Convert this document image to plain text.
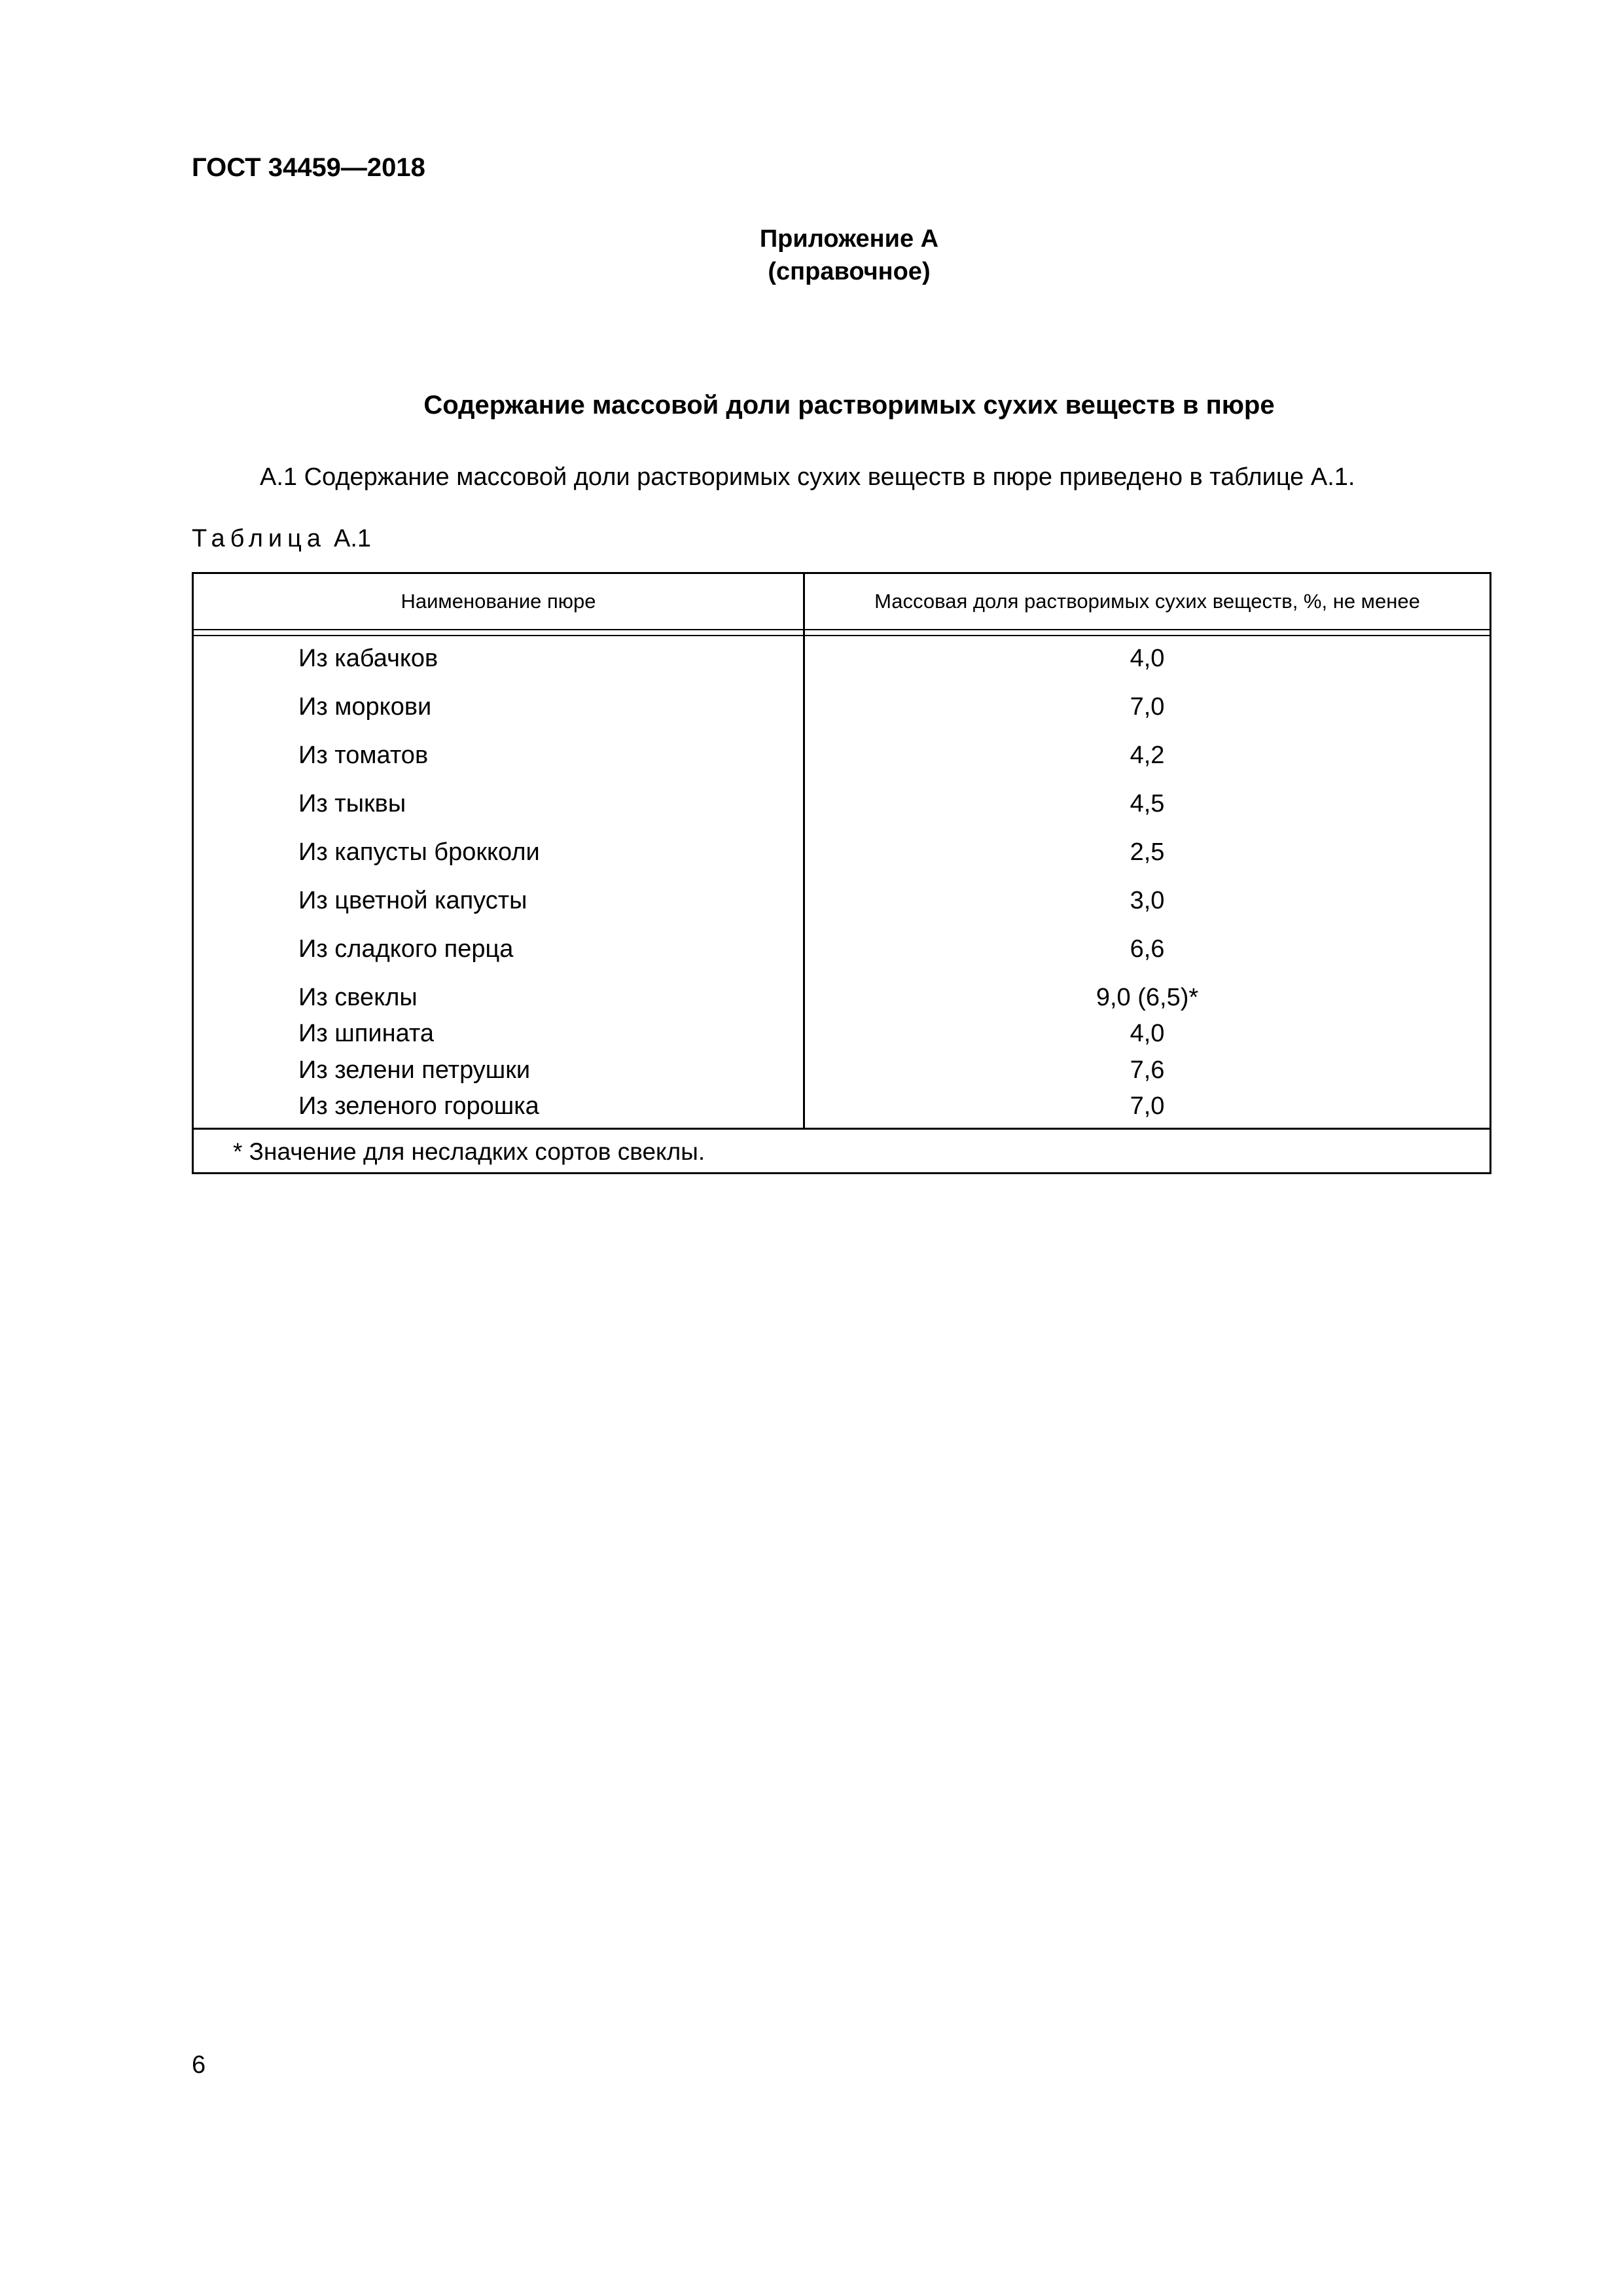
ГОСТ 34459—2018
Приложение А
(справочное)
Содержание массовой доли растворимых сухих веществ в пюре
А.1 Содержание массовой доли растворимых сухих веществ в пюре приведено в таблице А.1.
Таблица А.1
Наименование пюре	Массовая доля растворимых сухих веществ, %, не менее
Из кабачков	4,0
Из моркови	7,0
Из томатов	4,2
Из тыквы	4,5
Из капусты брокколи	2,5
Из цветной капусты	3,0
Из сладкого перца	6,6
Из свеклы	9,0 (6,5)*
Из шпината	4,0
Из зелени петрушки	7,6
Из зеленого горошка	7,0
* Значение для несладких сортов свеклы.
6
